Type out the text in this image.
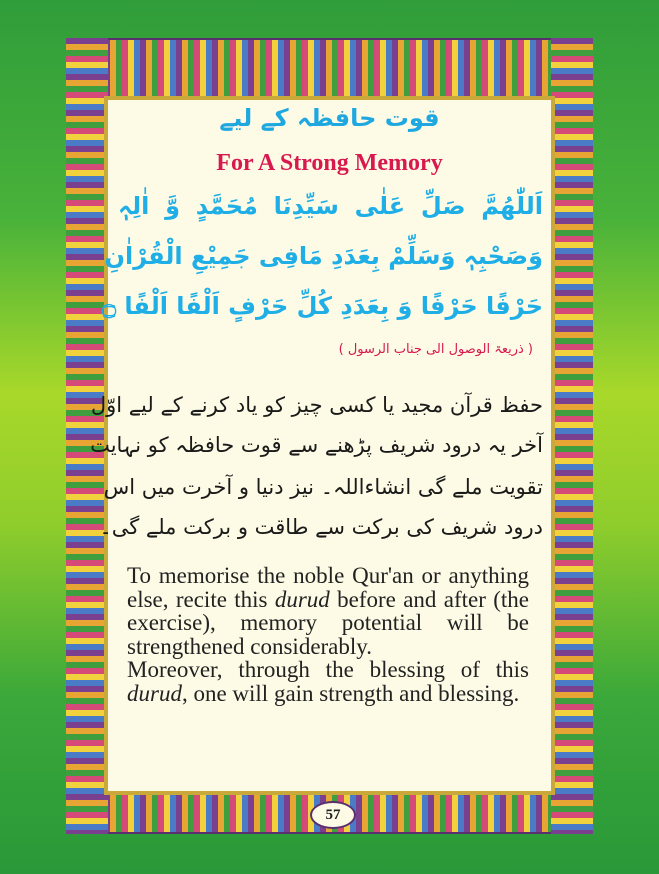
قوت حافظہ کے لیے
For A Strong Memory
اَللّٰھُمَّ صَلِّ عَلٰی سَیِّدِنَا مُحَمَّدٍ وَّ اٰلِہٖ
وَصَحْبِہٖ وَسَلِّمْ بِعَدَدِ مَافِی جَمِیْعِ الْقُرْاٰنِ
حَرْفًا حَرْفًا وَ بِعَدَدِ کُلِّ حَرْفٍ اَلْفًا اَلْفًا ۝
( ذریعۃ الوصول الی جناب الرسول )
حفظ قرآن مجید یا کسی چیز کو یاد کرنے کے لیے اوّل
آخر یہ درود شریف پڑھنے سے قوت حافظہ کو نہایت
تقویت ملے گی انشاءاللہ۔ نیز دنیا و آخرت میں اس
درود شریف کی برکت سے طاقت و برکت ملے گی۔

To memorise the noble Qur'an or anything else, recite this durud before and after (the exercise), memory potential will be strengthened considerably.

Moreover, through the blessing of this durud, one will gain strength and blessing.

57
